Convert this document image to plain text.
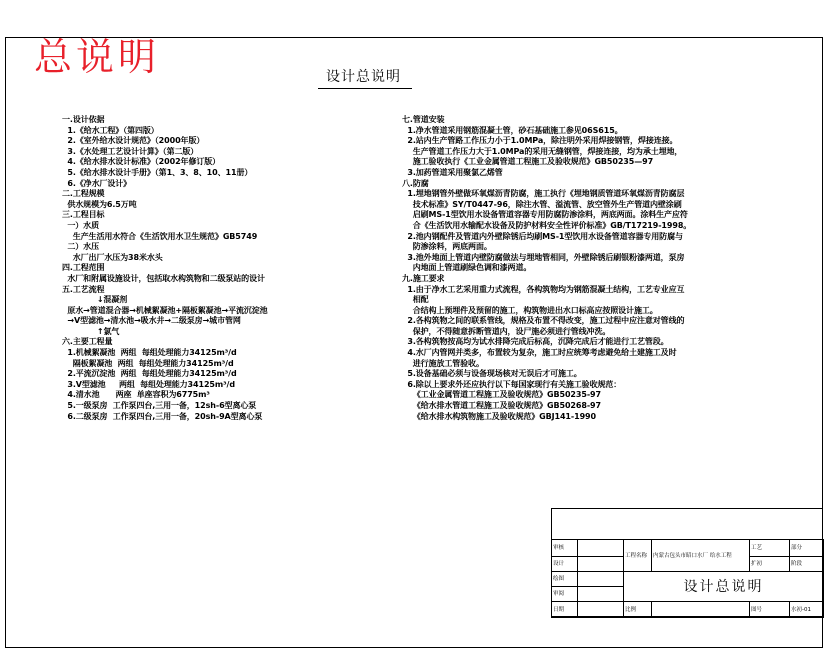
总说明	设计总说明
一.设计依据
1.《给水工程》（第四版）
2.《室外给水设计规范》（2000年版）
3.《水处理工艺设计计算》（第二版）
4.《给水排水设计标准》（2002年修订版）
5.《给水排水设计手册》（第1、3、8、10、11册）
6.《净水厂设计》
二.工程规模
供水规模为6.5万吨
三.工程目标
一）水质
生产生活用水符合《生活饮用水卫生规范》GB5749
二）水压
水厂出厂水压为38米水头
四.工程范围
水厂和附属设施设计，包括取水构筑物和二级泵站的设计
五.工艺流程
↓混凝剂
原水→管道混合器→机械絮凝池+隔板絮凝池→平流沉淀池
→V型滤池→清水池→吸水井→二级泵房→城市管网
↑氯气
六.主要工程量
1.机械絮凝池  两组  每组处理能力34125m³/d
隔板絮凝池  两组  每组处理能力34125m³/d
2.平流沉淀池  两组  每组处理能力34125m³/d
3.V型滤池     两组  每组处理能力34125m³/d
4.清水池      两座  单座容积为6775m³
5.一级泵房  工作泵四台,三用一备，12sh-6型离心泵
6.二级泵房  工作泵四台,三用一备，20sh-9A型离心泵
七.管道安装
1.净水管道采用钢筋混凝土管，砂石基础施工参见06S615。
2.站内生产管路工作压力小于1.0MPa，除注明外采用焊接钢管，焊接连接。
生产管道工作压力大于1.0MPa的采用无缝钢管，焊接连接，均为承土埋地，
施工验收执行《工业金属管道工程施工及验收规范》GB50235—97
3.加药管道采用聚氯乙烯管
八.防腐
1.埋地钢管外壁做环氧煤沥青防腐，施工执行《埋地钢质管道环氧煤沥青防腐层
技术标准》SY/T0447-96，除注水管、溢流管、放空管外生产管道内壁涂刷
启刷MS-1型饮用水设备管道容器专用防腐防渗涂料，两底两面。涂料生产应符
合《生活饮用水输配水设备及防护材料安全性评价标准》GB/T17219-1998。
2.池内钢配件及管道内外壁除锈后均刷MS-1型饮用水设备管道容器专用防腐与
防渗涂料，两底两面。
3.池外地面上管道内壁防腐做法与埋地管相同，外壁除锈后刷银粉漆两道，泵房
内地面上管道刷绿色调和漆两道。
九.施工要求
1.由于净水工艺采用重力式流程，各构筑物均为钢筋混凝土结构，工艺专业应互
相配
合结构上预埋件及预留的施工，构筑物进出水口标高应按照设计施工。
2.各构筑物之间的联系管线，规格及布置不得改变，施工过程中应注意对管线的
保护，不得随意拆断管道内，设尸施必须进行管线冲洗。
3.各构筑物按高均为试水排降完成后标高，沉降完成后才能进行工艺管段。
4.水厂内管网并类多，布置较为复杂，施工时应统筹考虑避免给土建施工及时
进行施放工管验收。
5.设备基础必须与设备现场核对无误后才可施工。
6.除以上要求外还应执行以下每国家现行有关施工验收规范：
《工业金属管道工程施工及验收规范》GB50235-97
《给水排水管道工程施工及验收规范》GB50268-97
《给水排水构筑物施工及验收规范》GBJ141-1990
审核		工程名称	内蒙古包头市昭口水厂 给水工程	工艺	部分
设计				扩初	阶段
绘图		设计总说明			
审阅					
日期		比例		图号	水初-01
